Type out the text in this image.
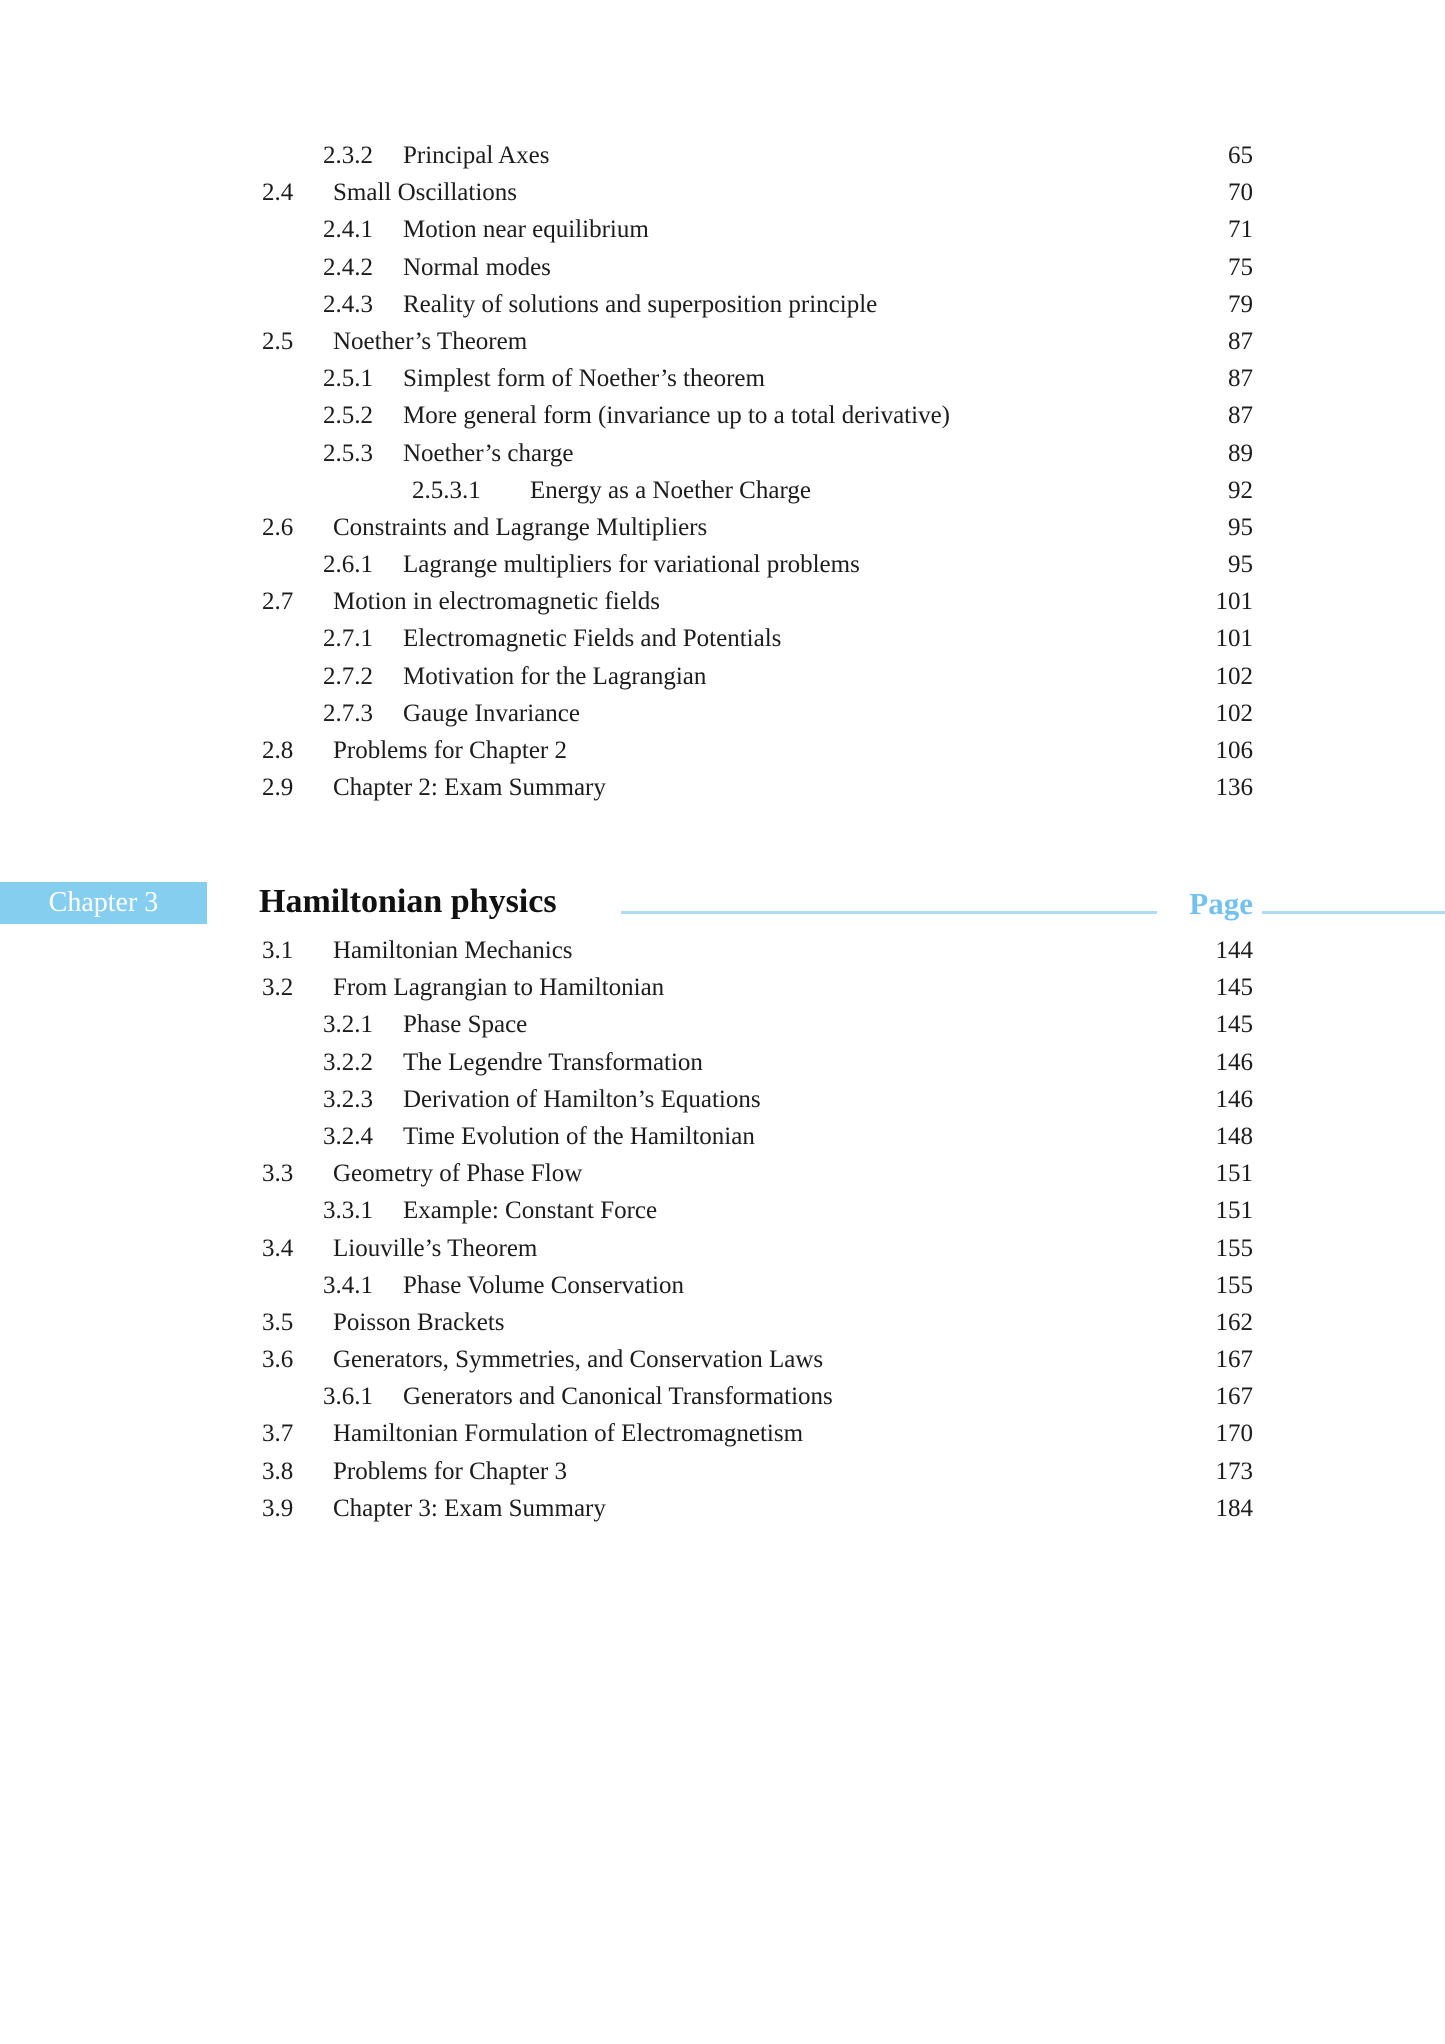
2.3.2 Principal Axes	65
2.4 Small Oscillations	70
2.4.1 Motion near equilibrium	71
2.4.2 Normal modes	75
2.4.3 Reality of solutions and superposition principle	79
2.5 Noether’s Theorem	87
2.5.1 Simplest form of Noether’s theorem	87
2.5.2 More general form (invariance up to a total derivative)	87
2.5.3 Noether’s charge	89
2.5.3.1 Energy as a Noether Charge	92
2.6 Constraints and Lagrange Multipliers	95
2.6.1 Lagrange multipliers for variational problems	95
2.7 Motion in electromagnetic fields	101
2.7.1 Electromagnetic Fields and Potentials	101
2.7.2 Motivation for the Lagrangian	102
2.7.3 Gauge Invariance	102
2.8 Problems for Chapter 2	106
2.9 Chapter 2: Exam Summary	136
Chapter 3	Hamiltonian physics	Page
3.1 Hamiltonian Mechanics	144
3.2 From Lagrangian to Hamiltonian	145
3.2.1 Phase Space	145
3.2.2 The Legendre Transformation	146
3.2.3 Derivation of Hamilton’s Equations	146
3.2.4 Time Evolution of the Hamiltonian	148
3.3 Geometry of Phase Flow	151
3.3.1 Example: Constant Force	151
3.4 Liouville’s Theorem	155
3.4.1 Phase Volume Conservation	155
3.5 Poisson Brackets	162
3.6 Generators, Symmetries, and Conservation Laws	167
3.6.1 Generators and Canonical Transformations	167
3.7 Hamiltonian Formulation of Electromagnetism	170
3.8 Problems for Chapter 3	173
3.9 Chapter 3: Exam Summary	184
